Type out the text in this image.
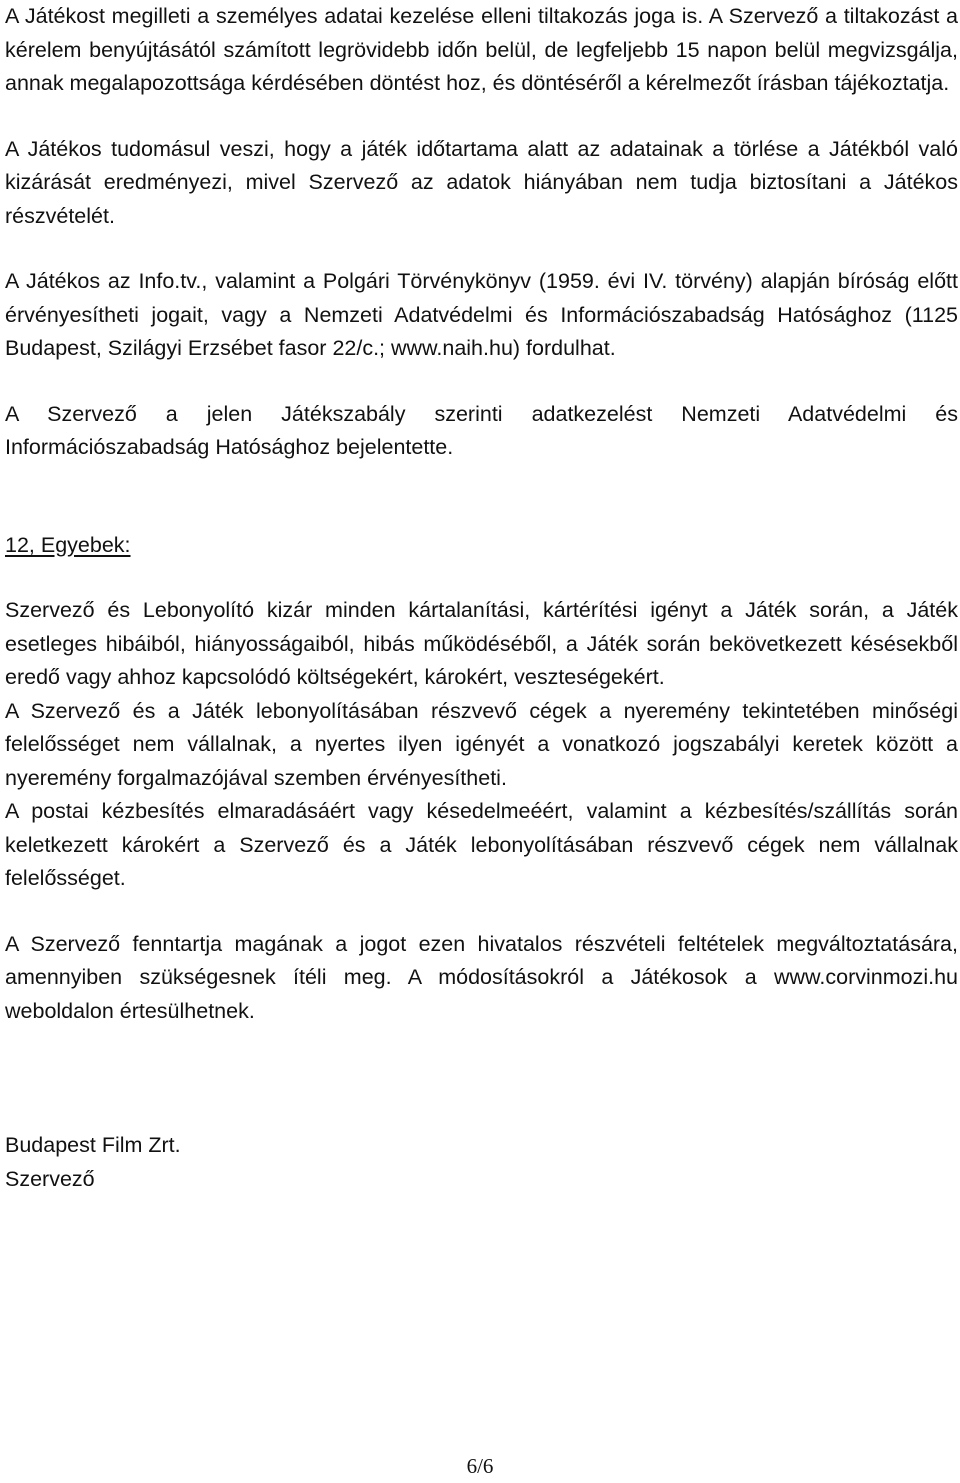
A Játékost megilleti a személyes adatai kezelése elleni tiltakozás joga is. A Szervező a tiltakozást a kérelem benyújtásától számított legrövidebb időn belül, de legfeljebb 15 napon belül megvizsgálja, annak megalapozottsága kérdésében döntést hoz, és döntéséről a kérelmezőt írásban tájékoztatja.

A Játékos tudomásul veszi, hogy a játék időtartama alatt az adatainak a törlése a Játékból való kizárását eredményezi, mivel Szervező az adatok hiányában nem tudja biztosítani a Játékos részvételét.

A Játékos az Info.tv., valamint a Polgári Törvénykönyv (1959. évi IV. törvény) alapján bíróság előtt érvényesítheti jogait, vagy a Nemzeti Adatvédelmi és Információszabadság Hatósághoz (1125 Budapest, Szilágyi Erzsébet fasor 22/c.; www.naih.hu) fordulhat.

A Szervező a jelen Játékszabály szerinti adatkezelést Nemzeti Adatvédelmi és Információszabadság Hatósághoz bejelentette.

12, Egyebek:

Szervező és Lebonyolító kizár minden kártalanítási, kártérítési igényt a Játék során, a Játék esetleges hibáiból, hiányosságaiból, hibás működéséből, a Játék során bekövetkezett késésekből eredő vagy ahhoz kapcsolódó költségekért, károkért, veszteségekért.

A Szervező és a Játék lebonyolításában részvevő cégek a nyeremény tekintetében minőségi felelősséget nem vállalnak, a nyertes ilyen igényét a vonatkozó jogszabályi keretek között a nyeremény forgalmazójával szemben érvényesítheti.

A postai kézbesítés elmaradásáért vagy késedelmeéért, valamint a kézbesítés/szállítás során keletkezett károkért a Szervező és a Játék lebonyolításában részvevő cégek nem vállalnak felelősséget.

A Szervező fenntartja magának a jogot ezen hivatalos részvételi feltételek megváltoztatására, amennyiben szükségesnek ítéli meg. A módosításokról a Játékosok a www.corvinmozi.hu weboldalon értesülhetnek.

Budapest Film Zrt.
Szervező
6/6
